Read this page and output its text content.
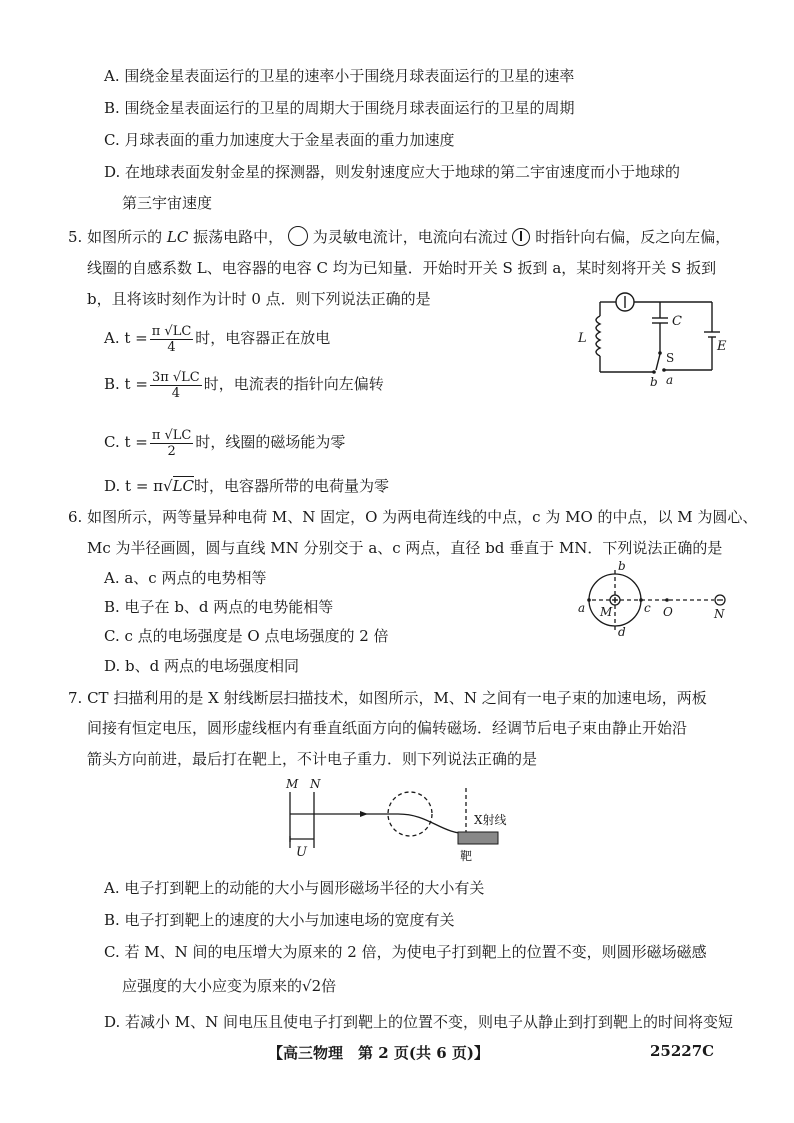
A. 围绕金星表面运行的卫星的速率小于围绕月球表面运行的卫星的速率
B. 围绕金星表面运行的卫星的周期大于围绕月球表面运行的卫星的周期
C. 月球表面的重力加速度大于金星表面的重力加速度
D. 在地球表面发射金星的探测器，则发射速度应大于地球的第二宇宙速度而小于地球的
第三宇宙速度
5. 如图所示的 LC 振荡电路中， 为灵敏电流计，电流向右流过 时指针向右偏，反之向左偏，
线圈的自感系数 L、电容器的电容 C 均为已知量．开始时开关 S 扳到 a，某时刻将开关 S 扳到
b，且将该时刻作为计时 0 点．则下列说法正确的是
A. $t = \frac{\pi √LC}{4}$ 时，电容器正在放电
B. $t = \frac{3\pi √LC}{4}$ 时，电流表的指针向左偏转
C. $t = \frac{\pi √LC}{2}$ 时，线圈的磁场能为零
D. t = π√LC时，电容器所带的电荷量为零
L
C
S
E
b a
6. 如图所示，两等量异种电荷 M、N 固定，O 为两电荷连线的中点，c 为 MO 的中点，以 M 为圆心、
Mc 为半径画圆，圆与直线 MN 分别交于 a、c 两点，直径 bd 垂直于 MN．下列说法正确的是
A. a、c 两点的电势相等
B. 电子在 b、d 两点的电势能相等
C. c 点的电场强度是 O 点电场强度的 2 倍
D. b、d 两点的电场强度相同
a
b
c
d
M	O	N
7. CT 扫描利用的是 X 射线断层扫描技术，如图所示，M、N 之间有一电子束的加速电场，两板
间接有恒定电压，圆形虚线框内有垂直纸面方向的偏转磁场．经调节后电子束由静止开始沿
箭头方向前进，最后打在靶上，不计电子重力．则下列说法正确的是
M N
U
X射线
靶
A. 电子打到靶上的动能的大小与圆形磁场半径的大小有关
B. 电子打到靶上的速度的大小与加速电场的宽度有关
C. 若 M、N 间的电压增大为原来的 2 倍，为使电子打到靶上的位置不变，则圆形磁场磁感
应强度的大小应变为原来的√2倍
D. 若减小 M、N 间电压且使电子打到靶上的位置不变，则电子从静止到打到靶上的时间将变短
【高三物理　第 2 页(共 6 页)】	25227C
